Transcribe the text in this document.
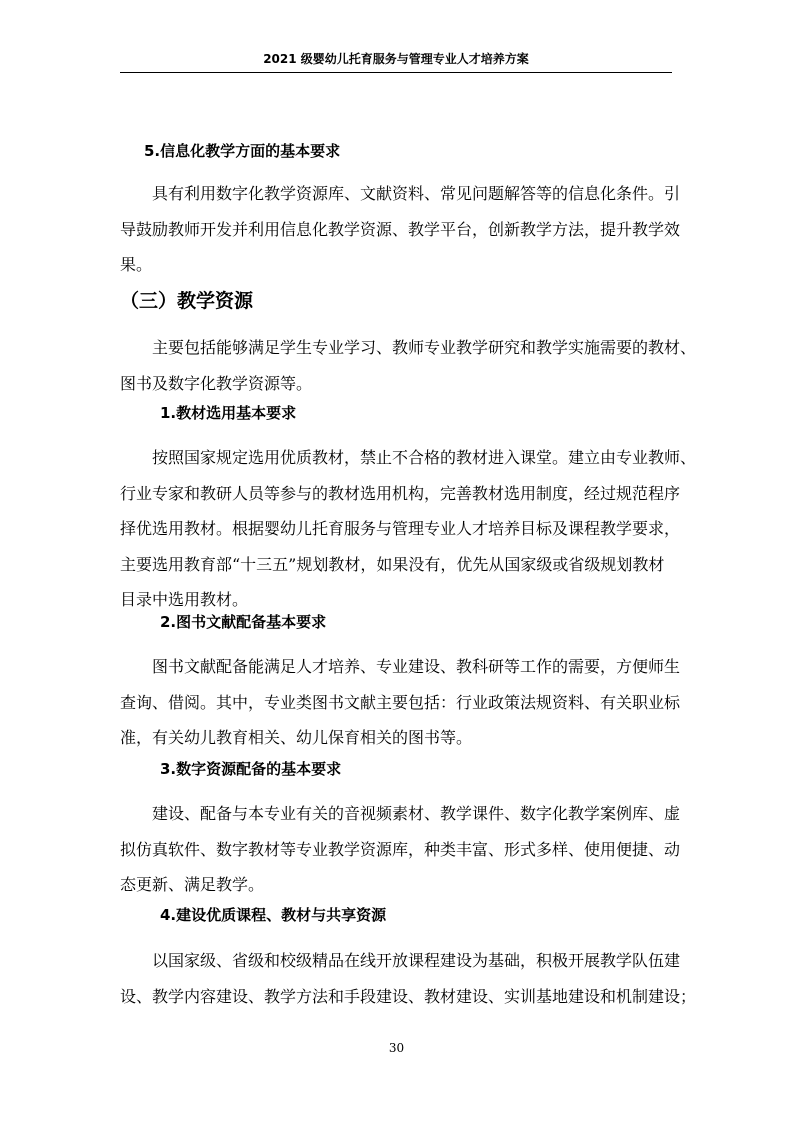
2021 级婴幼儿托育服务与管理专业人才培养方案
5.信息化教学方面的基本要求
具有利用数字化教学资源库、文献资料、常见问题解答等的信息化条件。引
导鼓励教师开发并利用信息化教学资源、教学平台，创新教学方法，提升教学效
果。
（三）教学资源
主要包括能够满足学生专业学习、教师专业教学研究和教学实施需要的教材、
图书及数字化教学资源等。
1.教材选用基本要求
按照国家规定选用优质教材，禁止不合格的教材进入课堂。建立由专业教师、
行业专家和教研人员等参与的教材选用机构，完善教材选用制度，经过规范程序
择优选用教材。根据婴幼儿托育服务与管理专业人才培养目标及课程教学要求，
主要选用教育部“十三五”规划教材，如果没有，优先从国家级或省级规划教材
目录中选用教材。
2.图书文献配备基本要求
图书文献配备能满足人才培养、专业建设、教科研等工作的需要，方便师生
查询、借阅。其中，专业类图书文献主要包括：行业政策法规资料、有关职业标
准，有关幼儿教育相关、幼儿保育相关的图书等。
3.数字资源配备的基本要求
建设、配备与本专业有关的音视频素材、教学课件、数字化教学案例库、虚
拟仿真软件、数字教材等专业教学资源库，种类丰富、形式多样、使用便捷、动
态更新、满足教学。
4.建设优质课程、教材与共享资源
以国家级、省级和校级精品在线开放课程建设为基础，积极开展教学队伍建
设、教学内容建设、教学方法和手段建设、教材建设、实训基地建设和机制建设；
30
